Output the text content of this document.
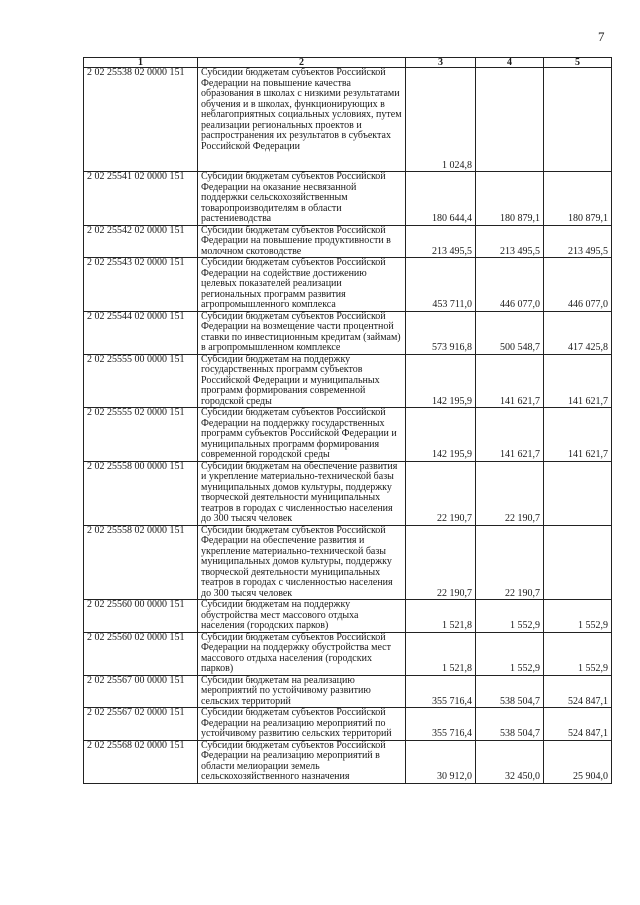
7
1	2	3	4	5
2 02 25538 02 0000 151	Субсидии бюджетам субъектов Российской Федерации на повышение качества образования в школах с низкими результатами обучения и в школах, функционирующих в неблагоприятных социальных условиях, путем реализации региональных проектов и распространения их результатов в субъектах Российской Федерации	1 024,8		
2 02 25541 02 0000 151	Субсидии бюджетам субъектов Российской Федерации на оказание несвязанной поддержки сельскохозяйственным товаропроизводителям в области растениеводства	180 644,4	180 879,1	180 879,1
2 02 25542 02 0000 151	Субсидии бюджетам субъектов Российской Федерации на повышение продуктивности в молочном скотоводстве	213 495,5	213 495,5	213 495,5
2 02 25543 02 0000 151	Субсидии бюджетам субъектов Российской Федерации на содействие достижению целевых показателей реализации региональных программ развития агропромышленного комплекса	453 711,0	446 077,0	446 077,0
2 02 25544 02 0000 151	Субсидии бюджетам субъектов Российской Федерации на возмещение части процентной ставки по инвестиционным кредитам (займам) в агропромышленном комплексе	573 916,8	500 548,7	417 425,8
2 02 25555 00 0000 151	Субсидии бюджетам на поддержку государственных программ субъектов Российской Федерации и муниципальных программ формирования современной городской среды	142 195,9	141 621,7	141 621,7
2 02 25555 02 0000 151	Субсидии бюджетам субъектов Российской Федерации на поддержку государственных программ субъектов Российской Федерации и муниципальных программ формирования современной городской среды	142 195,9	141 621,7	141 621,7
2 02 25558 00 0000 151	Субсидии бюджетам на обеспечение развития и укрепление материально-технической базы муниципальных домов культуры, поддержку творческой деятельности муниципальных театров в городах с численностью населения до 300 тысяч человек	22 190,7	22 190,7	
2 02 25558 02 0000 151	Субсидии бюджетам субъектов Российской Федерации на обеспечение развития и укрепление материально-технической базы муниципальных домов культуры, поддержку творческой деятельности муниципальных театров в городах с численностью населения до 300 тысяч человек	22 190,7	22 190,7	
2 02 25560 00 0000 151	Субсидии бюджетам на поддержку обустройства мест массового отдыха населения (городских парков)	1 521,8	1 552,9	1 552,9
2 02 25560 02 0000 151	Субсидии бюджетам субъектов Российской Федерации на поддержку обустройства мест массового отдыха населения (городских парков)	1 521,8	1 552,9	1 552,9
2 02 25567 00 0000 151	Субсидии бюджетам на реализацию мероприятий по устойчивому развитию сельских территорий	355 716,4	538 504,7	524 847,1
2 02 25567 02 0000 151	Субсидии бюджетам субъектов Российской Федерации на реализацию мероприятий по устойчивому развитию сельских территорий	355 716,4	538 504,7	524 847,1
2 02 25568 02 0000 151	Субсидии бюджетам субъектов Российской Федерации на реализацию мероприятий в области мелиорации земель сельскохозяйственного назначения	30 912,0	32 450,0	25 904,0
